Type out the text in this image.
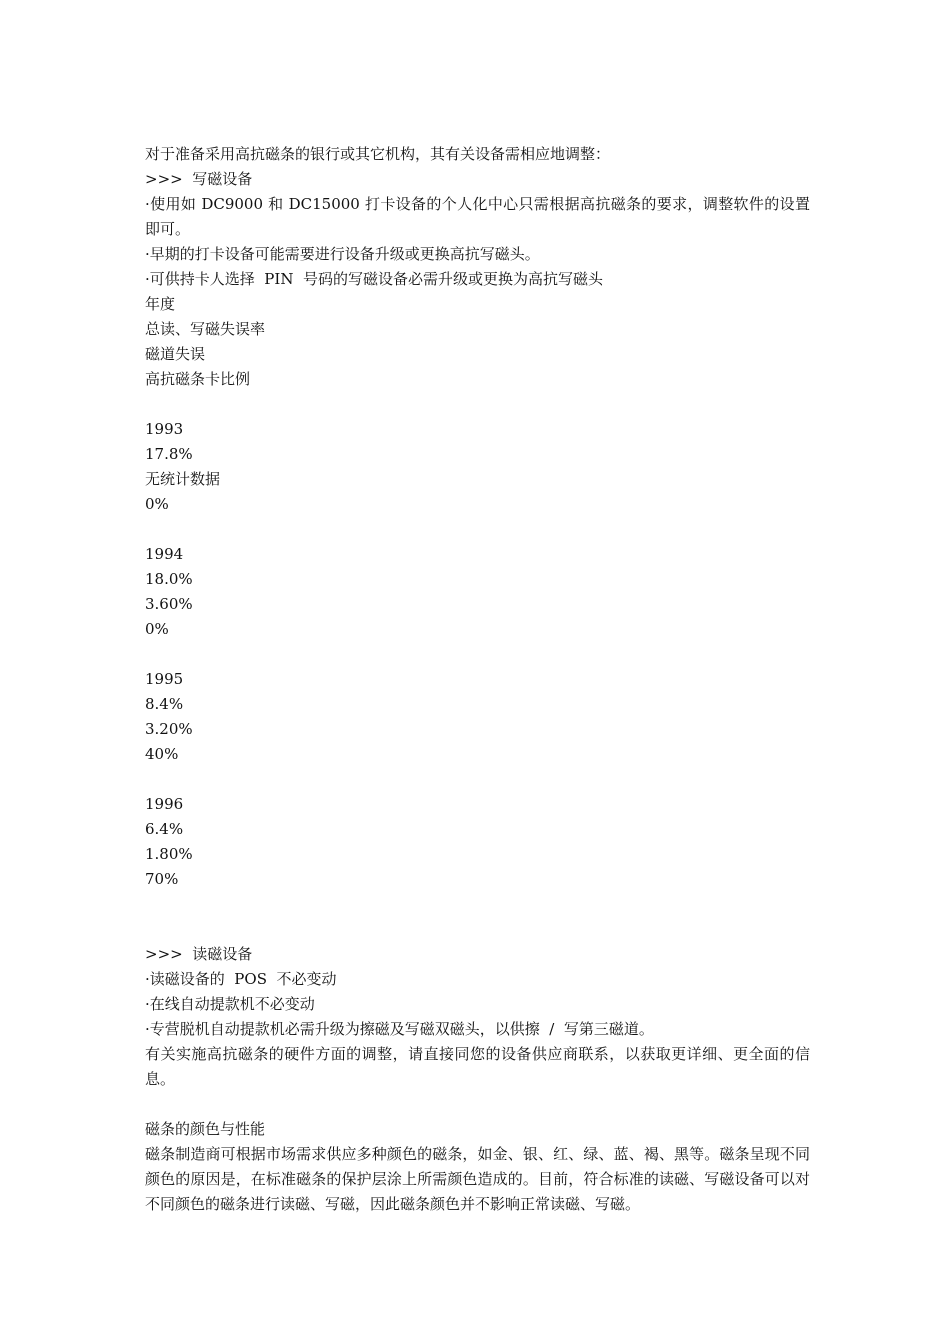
对于准备采用高抗磁条的银行或其它机构，其有关设备需相应地调整：

>>>  写磁设备

·使用如 DC9000 和 DC15000 打卡设备的个人化中心只需根据高抗磁条的要求，调整软件的设置即可。

·早期的打卡设备可能需要进行设备升级或更换高抗写磁头。

·可供持卡人选择  PIN  号码的写磁设备必需升级或更换为高抗写磁头

年度

总读、写磁失误率

磁道失误

高抗磁条卡比例

1993

17.8%

无统计数据

0%

1994

18.0%

3.60%

0%

1995

8.4%

3.20%

40%

1996

6.4%

1.80%

70%

>>>  读磁设备

·读磁设备的  POS  不必变动

·在线自动提款机不必变动

·专营脱机自动提款机必需升级为擦磁及写磁双磁头，以供擦  /  写第三磁道。

有关实施高抗磁条的硬件方面的调整，请直接同您的设备供应商联系，以获取更详细、更全面的信息。

磁条的颜色与性能

磁条制造商可根据市场需求供应多种颜色的磁条，如金、银、红、绿、蓝、褐、黑等。磁条呈现不同颜色的原因是，在标准磁条的保护层涂上所需颜色造成的。目前，符合标准的读磁、写磁设备可以对不同颜色的磁条进行读磁、写磁，因此磁条颜色并不影响正常读磁、写磁。
